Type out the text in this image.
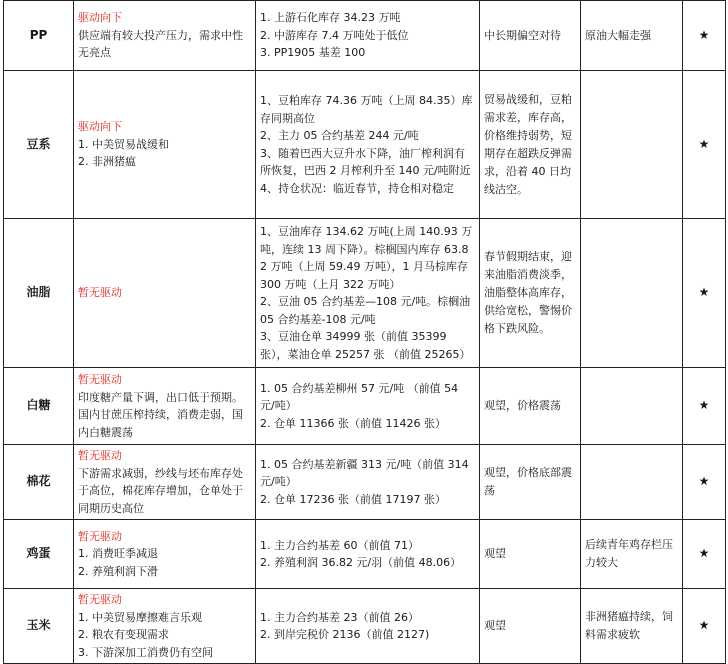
PP	驱动向下
供应端有较大投产压力，需求中性无亮点	1. 上游石化库存 34.23 万吨
2. 中游库存 7.4 万吨处于低位
3. PP1905 基差 100	中长期偏空对待	原油大幅走强	★
豆系	驱动向下
1. 中美贸易战缓和
2. 非洲猪瘟	1、豆粕库存 74.36 万吨（上周 84.35）库存同期高位
2、主力 05 合约基差 244 元/吨
3、随着巴西大豆升水下降，油厂榨利润有所恢复，巴西 2 月榨利升至 140 元/吨附近
4、持仓状况：临近春节，持仓相对稳定	贸易战缓和，豆粕需求差，库存高，价格维持弱势，短期存在超跌反弹需求，沿着 40 日均线沽空。		★
油脂	暂无驱动	1、豆油库存 134.62 万吨(上周 140.93 万吨，连续 13 周下降）。棕榈国内库存 63.82 万吨（上周 59.49 万吨），1 月马棕库存 300 万吨（上月 322 万吨）
2、豆油 05 合约基差—108 元/吨。棕榈油 05 合约基差-108 元/吨
3、豆油仓单 34999 张（前值 35399 张），菜油仓单 25257 张 （前值 25265）	春节假期结束，迎来油脂消费淡季，油脂整体高库存，供给宽松，警惕价格下跌风险。		★
白糖	暂无驱动
印度糖产量下调，出口低于预期。国内甘蔗压榨持续，消费走弱，国内白糖震荡	1. 05 合约基差柳州 57 元/吨 （前值 54 元/吨）
2. 仓单 11366 张（前值 11426 张）	观望，价格震荡		★
棉花	暂无驱动
下游需求减弱，纱线与坯布库存处于高位，棉花库存增加，仓单处于同期历史高位	1. 05 合约基差新疆 313 元/吨（前值 314 元/吨）
2. 仓单 17236 张（前值 17197 张）	观望，价格底部震荡		★
鸡蛋	暂无驱动
1. 消费旺季减退
2. 养殖利润下滑	1. 主力合约基差 60（前值 71）
2. 养殖利润 36.82 元/羽（前值 48.06）	观望	后续青年鸡存栏压力较大	★
玉米	暂无驱动
1. 中美贸易摩擦难言乐观
2. 粮农有变现需求
3. 下游深加工消费仍有空间	1. 主力合约基差 23（前值 26）
2. 到岸完税价 2136（前值 2127)	观望	非洲猪瘟持续，饲料需求疲软	★
